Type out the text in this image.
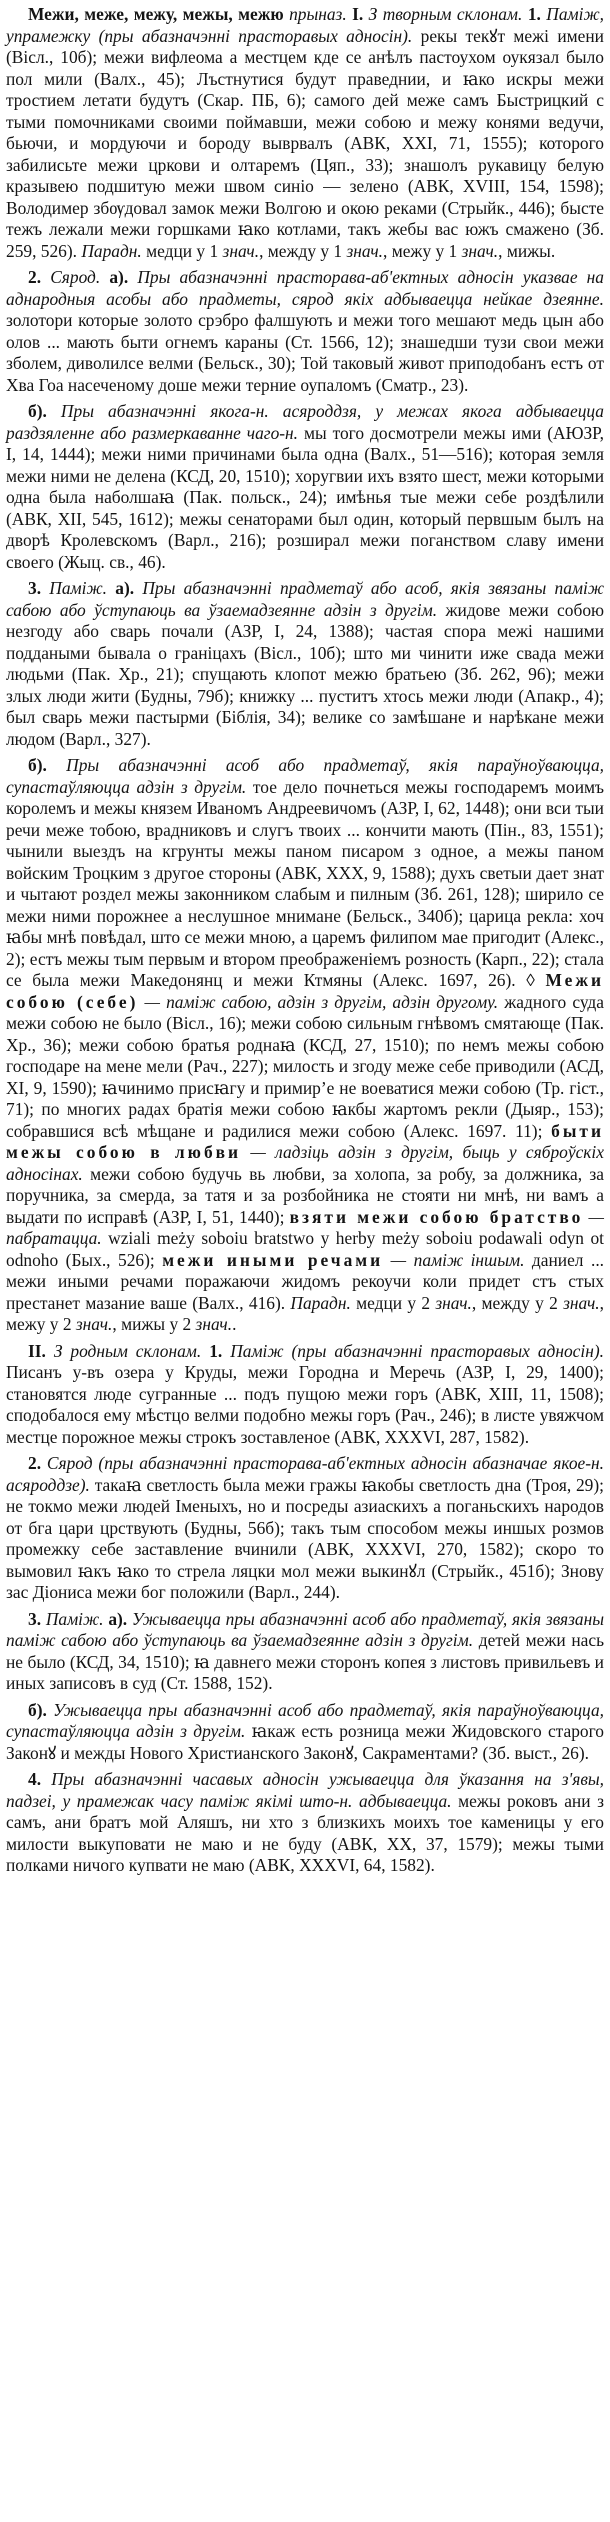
Межи, меже, межу, межы, межю прыназ. І. З творным склонам. 1. Паміж, упрамежку (пры абазначэнні прасторавых адносін). рекы текꙋт межі имени (Вісл., 10б); межи вифлеома а местцем кде се анѣлъ пастоухом оукязал было пол мили (Валх., 45); Лъстнутися будут праведнии, и ꙗко искры межи тростием летати будутъ (Скар. ПБ, 6); самого дей меже самъ Быстрицкий с тыми помочниками своими поймавши, межи собою и межу конями ведучи, бьючи, и мордуючи и бороду выврвалъ (АВК, XXI, 71, 1555); которого забилисьте межи цркови и олтаремъ (Цяп., 33); знашолъ рукавицу белую кразывею подшитую межи швом синiо — зелено (АВК, XVIII, 154, 1598); Володимер збѹдовал замок межи Волгою и окою реками (Стрыйк., 446); бысте тежъ лежали межи горшками ꙗко котлами, такъ жебы вас южъ смажено (Зб. 259, 526). Парадн. медци у 1 знач., между у 1 знач., межу у 1 знач., мижы.

2. Сярод. а). Пры абазначэнні прасторава-аб'ектных адносін указвае на аднародныя асобы або прадметы, сярод якіх адбываецца нейкае дзеянне. золотори которые золото срэбро фалшують и межи того мешают медь цын або олов ... мають быти огнемъ караны (Ст. 1566, 12); знашедши тузи свои межи зболем, диволилсе велми (Бельск., 30); Той таковый живот приподобанъ естъ от Хва Гоа насеченому доше межи терние оупаломъ (Сматр., 23).

б). Пры абазначэнні якога-н. асяроддзя, у межах якога адбываецца раздзяленне або размеркаванне чаго-н. мы того досмотрели межы ими (АЮЗР, I, 14, 1444); межи ними причинами была одна (Валх., 51—516); которая земля межи ними не делена (КСД, 20, 1510); хоругвии ихъ взято шест, межи которыми одна была наболшаꙗ (Пак. польск., 24); имѣнья тые межи себе роздѣлили (АВК, XII, 545, 1612); межы сенаторами был один, который первшым былъ на дворѣ Кролевскомъ (Варл., 216); розширал межи поганством славу имени своего (Жыц. св., 46).

3. Паміж. а). Пры абазначэнні прадметаў або асоб, якія звязаны паміж сабою або ўступаюць ва ўзаемадзеянне адзін з другім. жидове межи собою незгоду або сварь почали (АЗР, I, 24, 1388); частая спора межі нашими поддаными бывала о граніцахъ (Вісл., 10б); што ми чинити иже свада межи людьми (Пак. Хр., 21); спущають клопот межю братьею (Зб. 262, 96); межи злых люди жити (Будны, 79б); книжку ... пуститъ хтось межи люди (Апакр., 4); был сварь межи пастырми (Біблія, 34); велике со замѣшане и нарѣкане межи людом (Варл., 327).

б). Пры абазначэнні асоб або прадметаў, якія параўноўваюцца, супастаўляюцца адзін з другім. тое дело почнеться межы господаремъ моимъ королемъ и межы князем Иваномъ Андреевичомъ (АЗР, I, 62, 1448); они вси тыи речи меже тобою, врадниковъ и слугъ твоих ... кончити мають (Пін., 83, 1551); чынили выездъ на кгрунты межы паном писаром з одное, а межы паном войским Троцким з другое стороны (АВК, XXX, 9, 1588); духъ светыи дает знат и чытают роздел межы законником слабым и пилным (Зб. 261, 128); ширило се межи ними порожнее а неслушное мнимане (Бельск., 340б); царица рекла: хоч ꙗбы мнѣ повѣдал, што се межи мною, а царемъ филипом мае пригодит (Алекс., 2); естъ межы тым первым и втором преображенiемъ розность (Карп., 22); стала се была межи Македонянц и межи Ктмяны (Алекс. 1697, 26). ◊ Межи собою (себе) — паміж сабою, адзін з другім, адзін другому. жадного суда межи собою не было (Вісл., 16); межи собою сильным гнѣвомъ смятающе (Пак. Хр., 36); межи собою братья роднаꙗ (КСД, 27, 1510); по немъ межы собою господаре на мене мели (Рач., 227); милость и згоду меже себе приводили (АСД, XI, 9, 1590); ꙗчинимо присꙗгу и примирʼе не воеватися межи собою (Тр. гіст., 71); по многих радах братія межи собою ꙗкбы жартомъ рекли (Дыяр., 153); собравшися всѣ мѣщане и радилися межи собою (Алекс. 1697. 11); быти межы собою в любви — ладзіць адзін з другім, быць у сяброўскіх адносінах. межи собою будучь вь любви, за холопа, за робу, за должника, за поручника, за смерда, за татя и за розбойника не стояти ни мнѣ, ни вамъ а выдати по исправѣ (АЗР, I, 51, 1440); взяти межи собою братство — пабратацца. wziali meży soboiu bratstwo y herby meży soboiu podawali odyn ot odnoho (Бых., 526); межи иными речами — паміж іншым. даниел ... межи иными речами поражаючи жидомъ рекоучи коли придет стъ стых престанет мазание ваше (Валх., 416). Парадн. медци у 2 знач., между у 2 знач., межу у 2 знач., мижы у 2 знач..

II. З родным склонам. 1. Паміж (пры абазначэнні прасторавых адносін). Писанъ у-въ озера у Круды, межи Городна и Меречь (АЗР, I, 29, 1400); становятся люде сугранные ... подъ пущою межи горъ (АВК, XIII, 11, 1508); сподобалося ему мѣстцо велми подобно межы горъ (Рач., 246); в листе увяжчом местце порожное межы строкъ зоставленое (АВК, XXXVI, 287, 1582).

2. Сярод (пры абазначэнні прасторава-аб'ектных адносін абазначае якое-н. асяроддзе). такаꙗ светлость была межи гражы ꙗкобы светлость дна (Троя, 29); не токмо межи людей Іменыхъ, но и посреды азиаскихъ а поганьскихъ народов от бга цари црствують (Будны, 56б); такъ тым способом межы иншых розмов промежку себе заставление вчинили (АВК, XXXVI, 270, 1582); скоро то вымовил ꙗкъ ꙗко то стрела ляцки мол межи выкинꙋл (Стрыйк., 451б); Знову зас Діониса межи бог положили (Варл., 244).

3. Паміж. а). Ужываецца пры абазначэнні асоб або прадметаў, якія звязаны паміж сабою або ўступаюць ва ўзаемадзеянне адзін з другім. детей межи нась не было (КСД, 34, 1510); ꙗ давнего межи сторонъ копея з листовъ привильевъ и иных записовъ в суд (Ст. 1588, 152).

б). Ужываецца пры абазначэнні асоб або прадметаў, якія параўноўваюцца, супастаўляюцца адзін з другім. ꙗкаж есть розница межи Жидовского старого Законꙋ и межды Нового Христианского Законꙋ, Сакраментами? (Зб. выст., 26).

4. Пры абазначэнні часавых адносін ужываецца для ўказання на з'явы, падзеі, у прамежак часу паміж якімі што-н. адбываецца. межы роковъ ани з самъ, ани братъ мой Аляшъ, ни хто з близкихъ моихъ тое каменицы у его милости выкуповати не маю и не буду (АВК, XX, 37, 1579); межы тыми полками ничого купвати не маю (АВК, XXXVI, 64, 1582).
